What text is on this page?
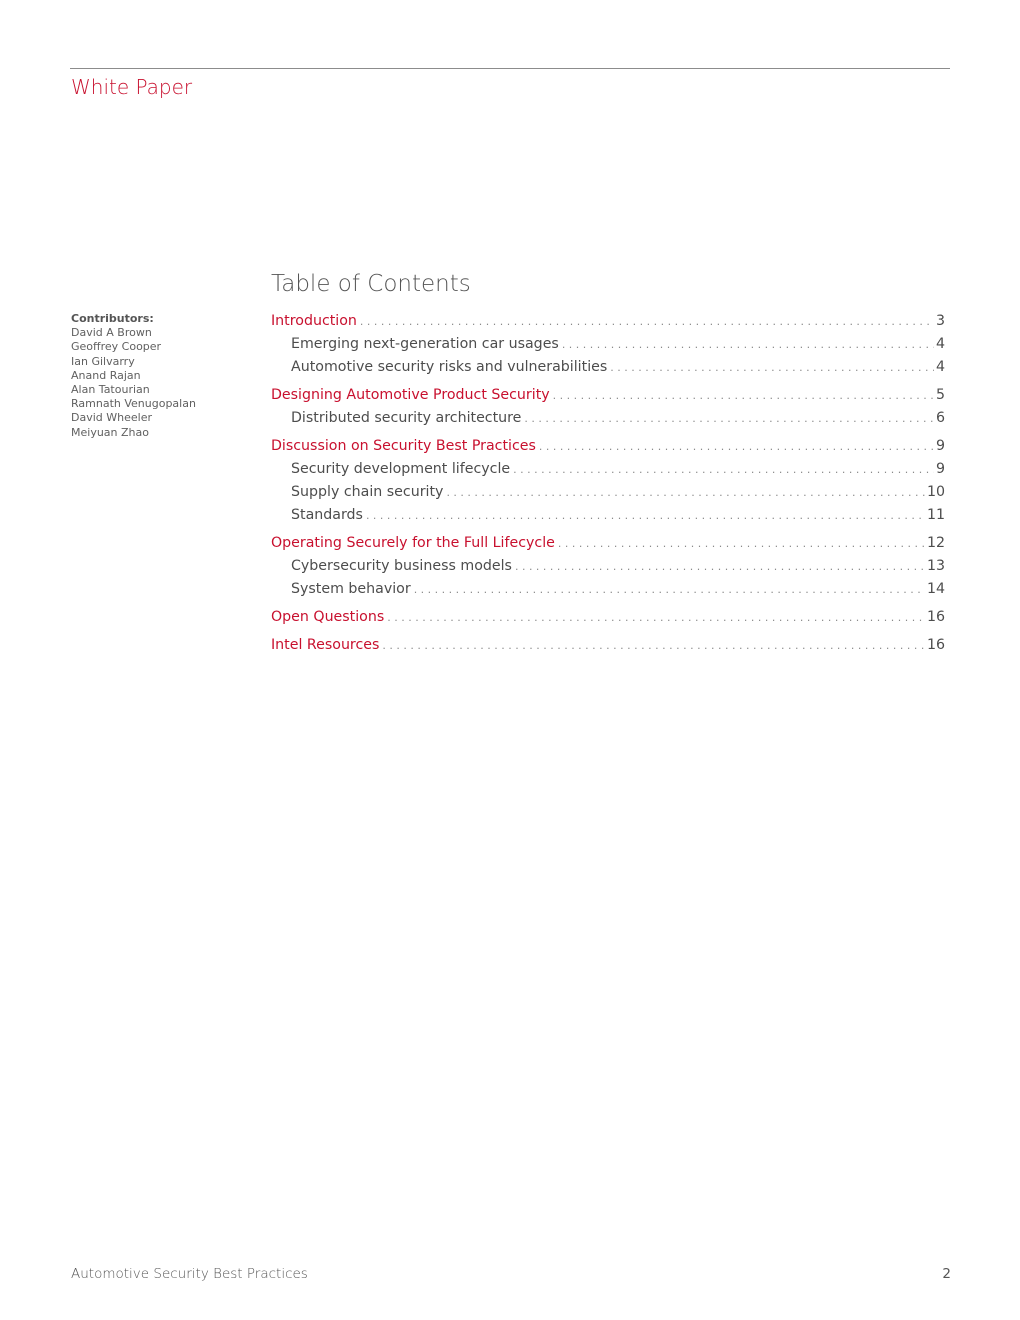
White Paper
Contributors:
David A Brown
Geoffrey Cooper
Ian Gilvarry
Anand Rajan
Alan Tatourian
Ramnath Venugopalan
David Wheeler
Meiyuan Zhao
Table of Contents
Introduction . . .	3
Emerging next-generation car usages . . .	4
Automotive security risks and vulnerabilities . . .	4
Designing Automotive Product Security . . .	5
Distributed security architecture . . .	6
Discussion on Security Best Practices . . .	9
Security development lifecycle . . .	9
Supply chain security . . .	10
Standards . . .	11
Operating Securely for the Full Lifecycle . . .	12
Cybersecurity business models . . .	13
System behavior . . .	14
Open Questions . . .	16
Intel Resources . . .	16
Automotive Security Best Practices	2
